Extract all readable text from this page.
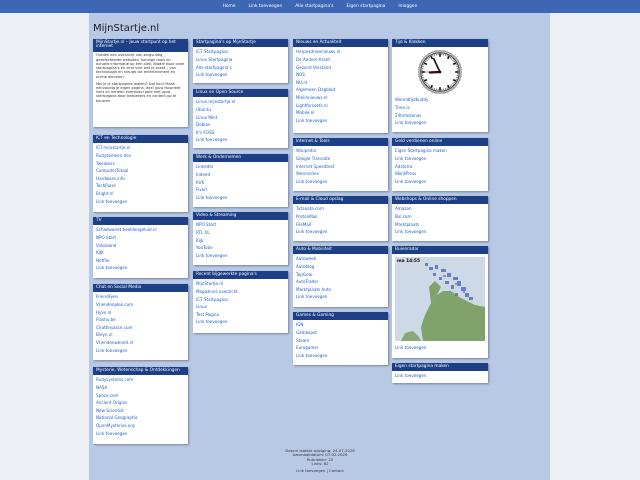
Home	Link toevoegen	Alle startpagina's	Eigen startpagina	Inloggen
MijnStartje.nl
MijnStartje.nl – Jouw startpunt op het internet

Ontdek een overzicht van zorgvuldig geselecteerde websites, handige tools en actuele informatie op één plek. Blader door onze startpagina's en vind snel wat je zoekt – van technologie en nieuws tot entertainment en online diensten.

Mis je je startpagina maken? Dat kan! Maak eenvoudig je eigen pagina, deel jouw favoriete links en verdien eventueel geld met jouw startpagina door bezoekers en content op te bouwen.

ICT en Technologie
ICT.mijnstartje.nl
Rudysbeleen.dev
Tweakers
ComputerTotaal
Hardware.info
TechPulse
Bright.nl
Link toevoegen
TV
Schaduwnet beeldengeluid.nl
NPO Start
Videoland
KIJK
Netflix
Link toevoegen
Chat en Social Media
FriendFyen
Vriendenplek.com
Hyvo.nl
Flashu.be
Chatterplace.com
Bleyn.nl
Vriendenwereld.nl
Link toevoegen
Mysterie, Wetenschap & Ontdekkingen
Rudysystems.com
NASA
Space.com
Ancient Origins
New Scientist
National Geographic
OpenMysteries.org
Link toevoegen
Startpagina's op MijnStartje
ICT Startpagina
Linux Startpagina
Alle startpagina's
Link toevoegen
Linux en Open Source
Linux.mijnstartje.nl
Ubuntu
Linux Mint
Debian
It's FOSS
Link toevoegen
Werk & Ondernemen
LinkedIn
Indeed
KVK
Fiverr
Link toevoegen
Video & Streaming
NPO Start
RTL XL
Kijk
YouTube
Link toevoegen
Recent bijgewerkte pagina's
MijnStartje.nl
Magazines overzicht
ICT Startpagina
Linux
Test Pagina
Link toevoegen
Nieuws en Actualiteit
Herpesdrieenieuws.nl
De Andere Krant
Gezond Verstand
NOS
NU.nl
Algemeen Dagblad
Miniinnieuws.nl
Lightforsoefs.nl
Mobile.nl
Link toevoegen
Internet & Tools
Wikipedia
Google Translate
Internet Speedtest
Weeronline
Link toevoegen
E-mail & Cloud opslag
Tutanota.com
ProtonMail
FileMail
Link toevoegen
Auto & Mobiliteit
Autoweek
Autoblog
TopGear
AutoTrader
Marktplaats Auto
Link toevoegen
Games & Gaming
IGN
Gamespot
Steam
Eurogamer
Link toevoegen
Tijd & Klokken
Wereldtijdbuddy
Time.is
24timezones
Link toevoegen
Geld verdienen online
Eigen Startpagina maken
Link toevoegen
Adsterra
WordPress
Link toevoegen
Webshops & Online shoppen
Amazon
Bol.com
Marktplaats
Link toevoegen
Buienradar
ma 14:55
Link toevoegen
Eigen startpagina maken
Link toevoegen
Datum laatste wijziging: 24-07-2026
Aanmaakdatum: 07-02-2026
Rubrieken: 20
Links: 82
Link toevoegen | Contact
